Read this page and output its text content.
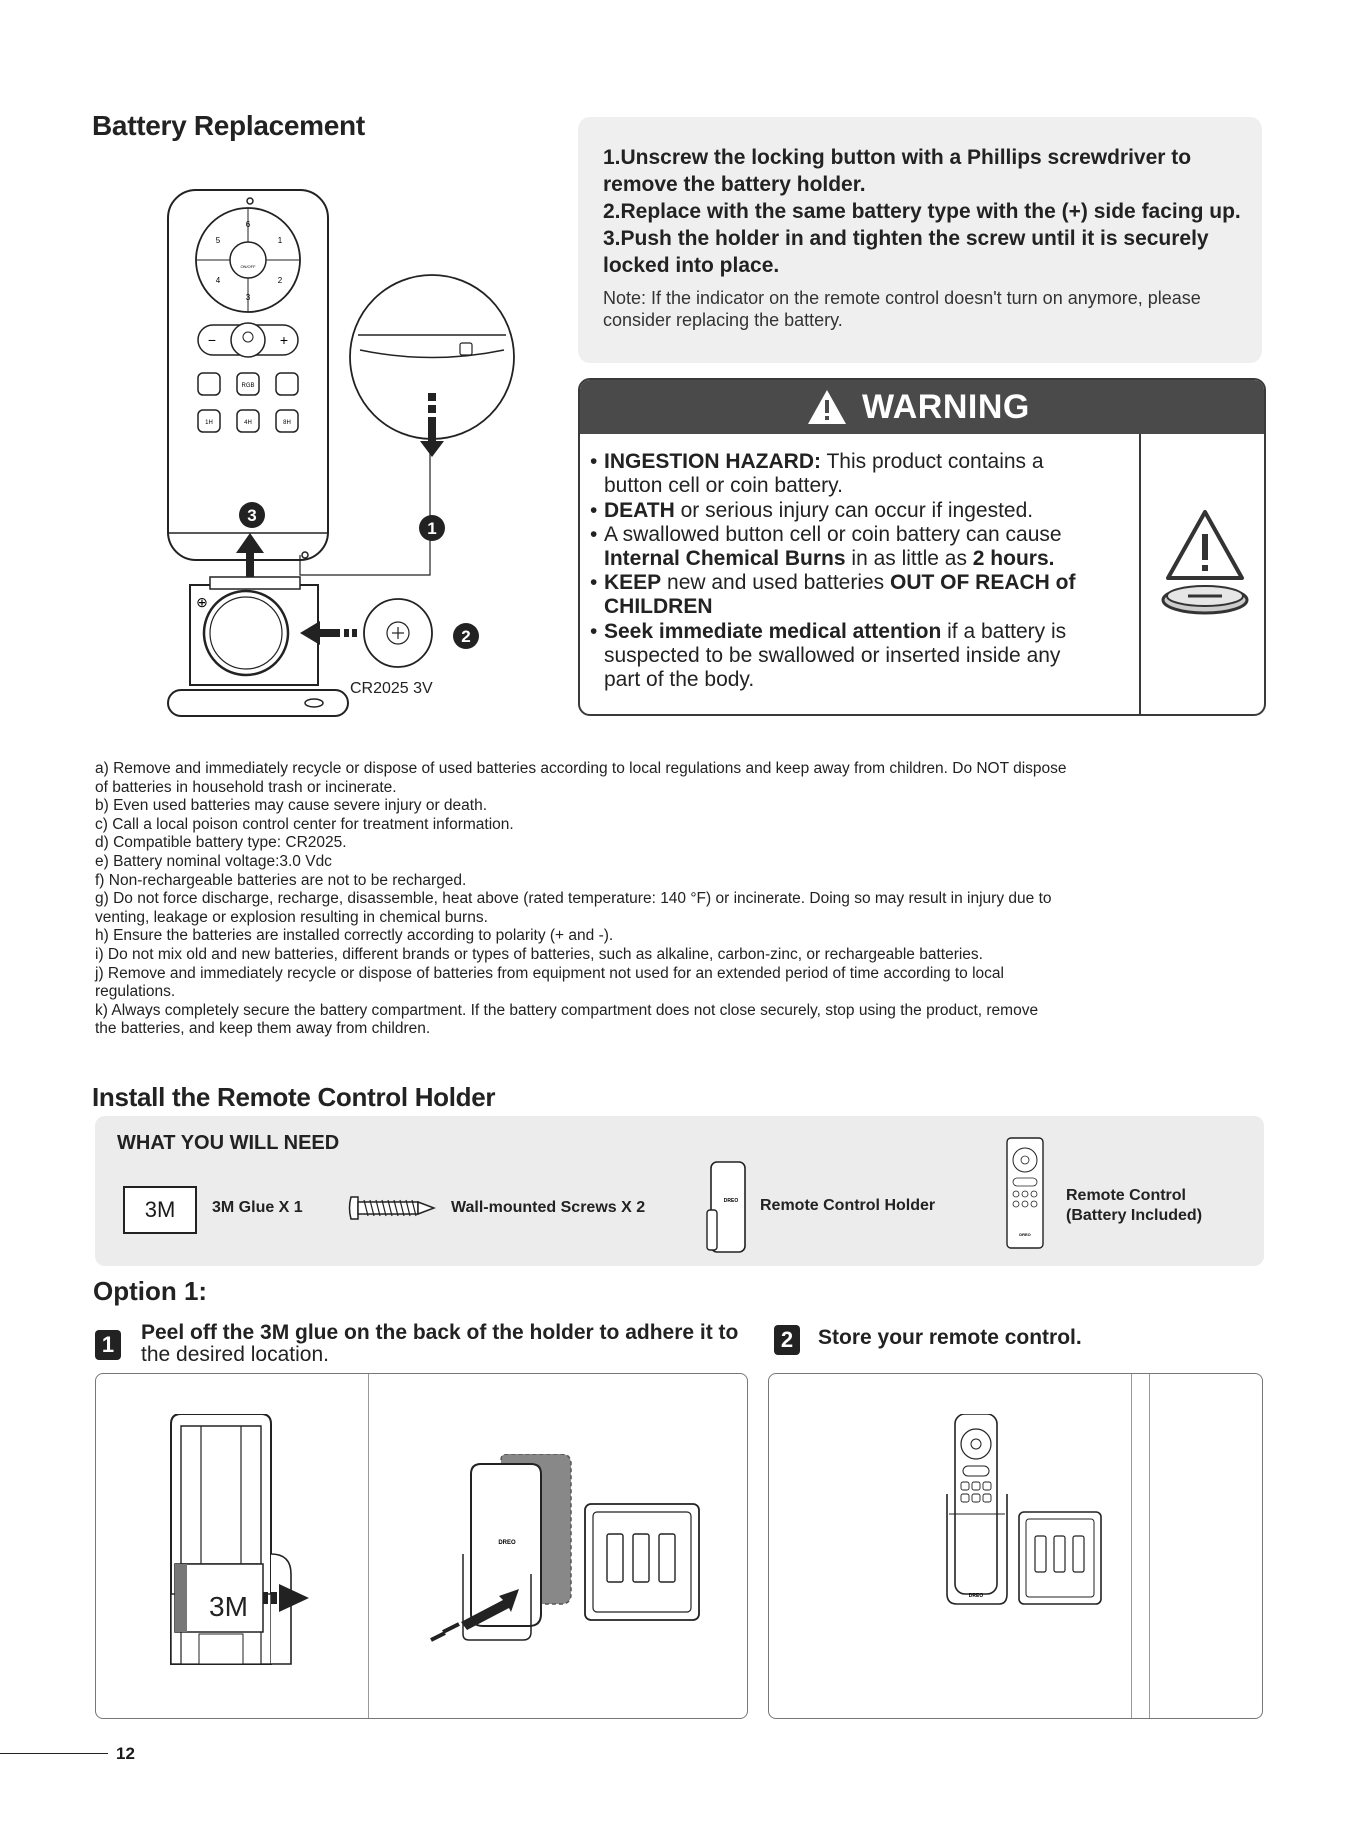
Battery Replacement
6
5
4
1
2
3
ON/OFF
−	+
RGB
1H	4H	8H
3
⊕
2
CR2025 3V
1
1.Unscrew the locking button with a Phillips screwdriver to
remove the battery holder.
2.Replace with the same battery type with the (+) side facing up.
3.Push the holder in and tighten the screw until it is securely
locked into place.
Note: If the indicator on the remote control doesn't turn on anymore, please consider replacing the battery.
WARNING
• INGESTION HAZARD: This product contains a
button cell or coin battery.
• DEATH or serious injury can occur if ingested.
• A swallowed button cell or coin battery can cause
Internal Chemical Burns in as little as 2 hours.
• KEEP new and used batteries OUT OF REACH of
CHILDREN
• Seek immediate medical attention if a battery is
suspected to be swallowed or inserted inside any
part of the body.

a) Remove and immediately recycle or dispose of used batteries according to local regulations and keep away from children. Do NOT dispose

of batteries in household trash or incinerate.

b) Even used batteries may cause severe injury or death.

c) Call a local poison control center for treatment information.

d) Compatible battery type: CR2025.

e) Battery nominal voltage:3.0 Vdc

f) Non-rechargeable batteries are not to be recharged.

g) Do not force discharge, recharge, disassemble, heat above (rated temperature: 140 °F) or incinerate. Doing so may result in injury due to

venting, leakage or explosion resulting in chemical burns.

h) Ensure the batteries are installed correctly according to polarity (+ and -).

i) Do not mix old and new batteries, different brands or types of batteries, such as alkaline, carbon-zinc, or rechargeable batteries.

j) Remove and immediately recycle or dispose of batteries from equipment not used for an extended period of time according to local

regulations.

k) Always completely secure the battery compartment. If the battery compartment does not close securely, stop using the product, remove

the batteries, and keep them away from children.

Install the Remote Control Holder
WHAT YOU WILL NEED
3M	3M Glue X 1	Wall-mounted Screws X 2	DREO Remote Control Holder
DREO
Remote Control
(Battery Included)
Option 1:
1	Peel off the 3M glue on the back of the holder to adhere it to
the desired location.
2	Store your remote control.
3M
DREO
DREO
12
